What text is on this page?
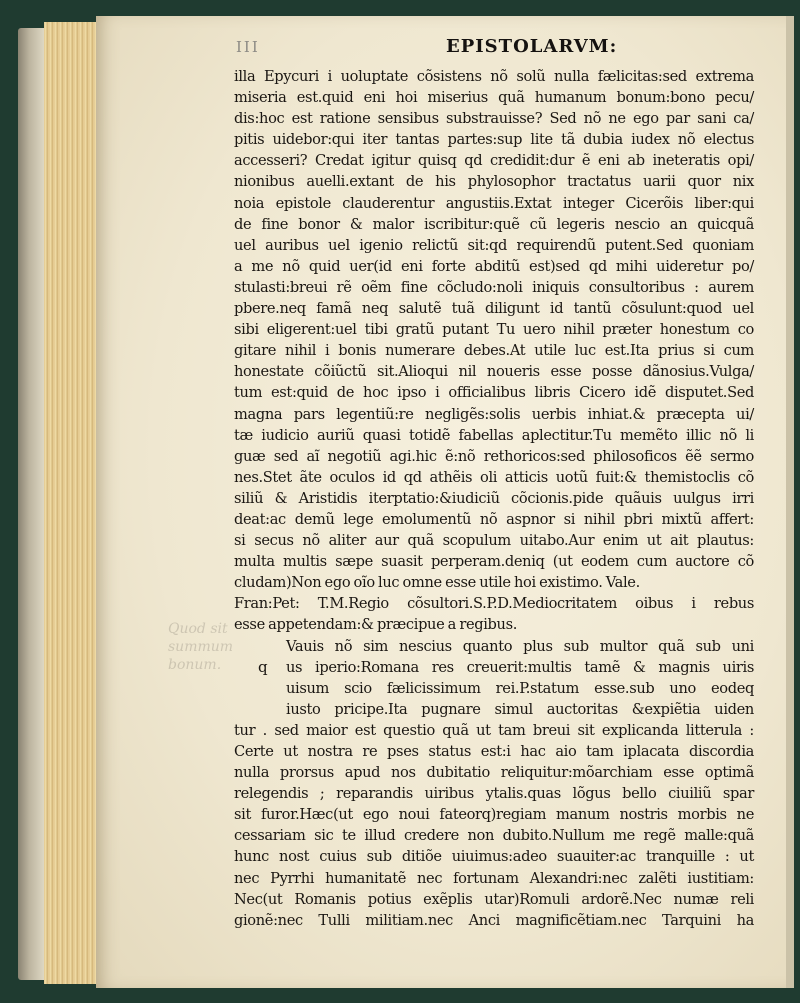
Quod sit
summum
bonum.
III	EPISTOLARVM:
illa Epycuri i uoluptate cõsistens nõ solũ nulla fælicitas:sed extrema
miseria est.quid eni hoi miserius quã humanum bonum:bono pecu/
dis:hoc est ratione sensibus substrauisse? Sed nõ ne ego par sani ca/
pitis uidebor:qui iter tantas partes:sup lite tã dubia iudex nõ electus
accesseri? Credat igitur quisq qd credidit:dur ẽ eni ab ineteratis opi/
nionibus auelli.extant de his phylosophor tractatus uarii quor nix
noia epistole clauderentur angustiis.Extat integer Cicerõis liber:qui
de fine bonor & malor iscribitur:quẽ cũ legeris nescio an quicquã
uel auribus uel igenio relictũ sit:qd requirendũ putent.Sed quoniam
a me nõ quid uer(id eni forte abditũ est)sed qd mihi uideretur po/
stulasti:breui rẽ oẽm fine cõcludo:noli iniquis consultoribus : aurem
pbere.neq famã neq salutẽ tuã diligunt id tantũ cõsulunt:quod uel
sibi eligerent:uel tibi gratũ putant Tu uero nihil præter honestum co
gitare nihil i bonis numerare debes.At utile luc est.Ita prius si cum
honestate cõiũctũ sit.Alioqui nil noueris esse posse dãnosius.Vulga/
tum est:quid de hoc ipso i officialibus libris Cicero idẽ disputet.Sed
magna pars legentiũ:re negligẽs:solis uerbis inhiat.& præcepta ui/
tæ iudicio auriũ quasi totidẽ fabellas aplectitur.Tu memẽto illic nõ li
guæ sed aĩ negotiũ agi.hic ẽ:nõ rethoricos:sed philosoficos ẽẽ sermo
nes.Stet ãte oculos id qd athẽis oli atticis uotũ fuit:& themistoclis cõ
siliũ & Aristidis iterptatio:&iudiciũ cõcionis.pide quãuis uulgus irri
deat:ac demũ lege emolumentũ nõ aspnor si nihil pbri mixtũ affert:
si secus nõ aliter aur quã scopulum uitabo.Aur enim ut ait plautus:
multa multis sæpe suasit perperam.deniq (ut eodem cum auctore cõ
cludam)Non ego oĩo luc omne esse utile hoi existimo. Vale.
Fran:Pet: T.M.Regio cõsultori.S.P.D.Mediocritatem oibus i rebus
esse appetendam:& præcipue a regibus.
Vauis nõ sim nescius quanto plus sub multor quã sub uni
q us iperio:Romana res creuerit:multis tamẽ & magnis uiris
uisum scio fælicissimum rei.P.statum esse.sub uno eodeq
iusto pricipe.Ita pugnare simul auctoritas &expiẽtia uiden
tur . sed maior est questio quã ut tam breui sit explicanda litterula :
Certe ut nostra re pses status est:i hac aio tam iplacata discordia
nulla prorsus apud nos dubitatio reliquitur:mõarchiam esse optimã
relegendis ; reparandis uiribus ytalis.quas lõgus bello ciuiliũ spar
sit furor.Hæc(ut ego noui fateorq)regiam manum nostris morbis ne
cessariam sic te illud credere non dubito.Nullum me regẽ malle:quã
hunc nost cuius sub ditiõe uiuimus:adeo suauiter:ac tranquille : ut
nec Pyrrhi humanitatẽ nec fortunam Alexandri:nec zalẽti iustitiam:
Nec(ut Romanis potius exẽplis utar)Romuli ardorẽ.Nec numæ reli
gionẽ:nec Tulli militiam.nec Anci magnificẽtiam.nec Tarquini ha
